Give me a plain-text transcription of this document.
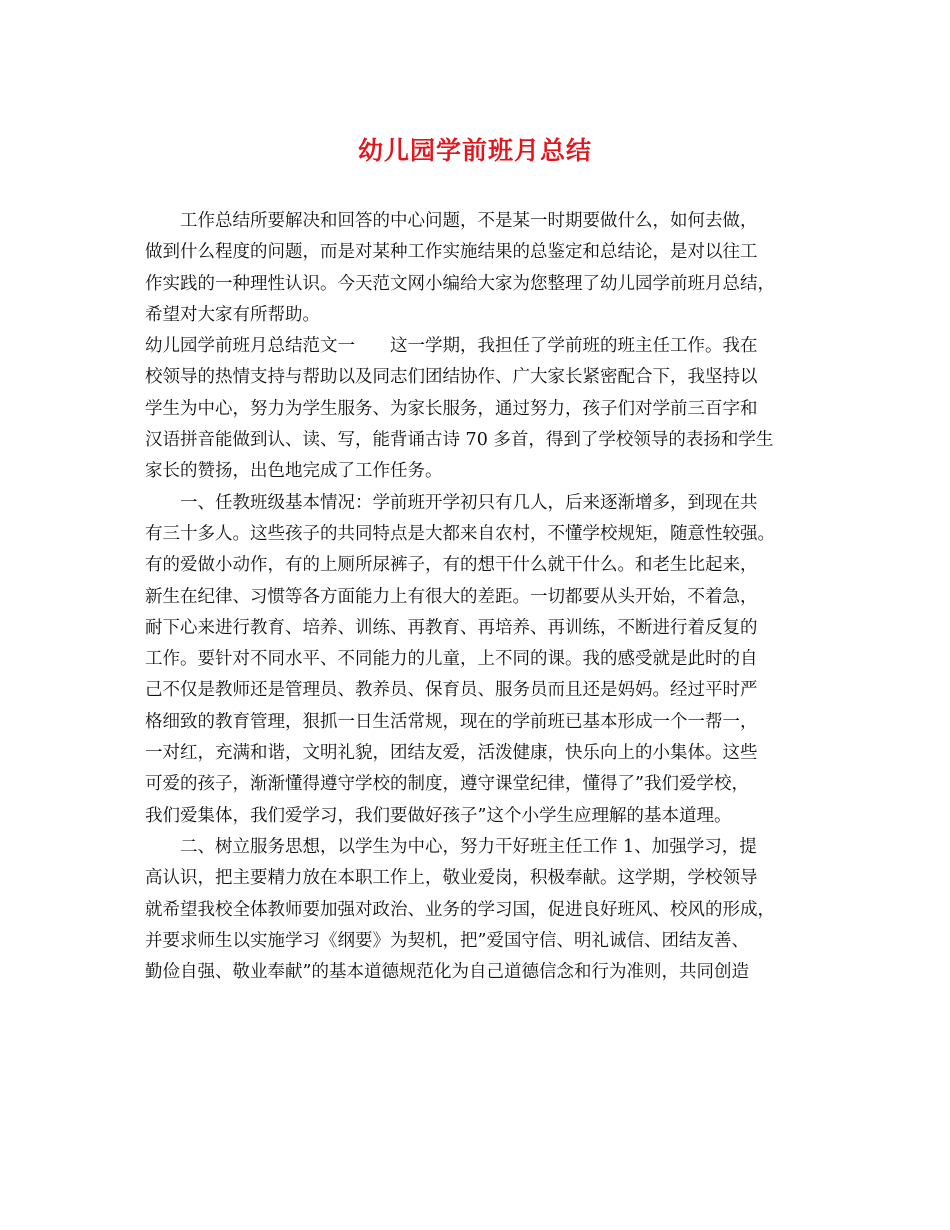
幼儿园学前班月总结
工作总结所要解决和回答的中心问题，不是某一时期要做什么，如何去做，
做到什么程度的问题，而是对某种工作实施结果的总鉴定和总结论，是对以往工
作实践的一种理性认识。今天范文网小编给大家为您整理了幼儿园学前班月总结，
希望对大家有所帮助。
幼儿园学前班月总结范文一　　这一学期，我担任了学前班的班主任工作。我在
校领导的热情支持与帮助以及同志们团结协作、广大家长紧密配合下，我坚持以
学生为中心，努力为学生服务、为家长服务，通过努力，孩子们对学前三百字和
汉语拼音能做到认、读、写，能背诵古诗 70 多首，得到了学校领导的表扬和学生
家长的赞扬，出色地完成了工作任务。
一、任教班级基本情况：学前班开学初只有几人，后来逐渐增多，到现在共
有三十多人。这些孩子的共同特点是大都来自农村，不懂学校规矩，随意性较强。
有的爱做小动作，有的上厕所尿裤子，有的想干什么就干什么。和老生比起来，
新生在纪律、习惯等各方面能力上有很大的差距。一切都要从头开始，不着急，
耐下心来进行教育、培养、训练、再教育、再培养、再训练，不断进行着反复的
工作。要针对不同水平、不同能力的儿童，上不同的课。我的感受就是此时的自
己不仅是教师还是管理员、教养员、保育员、服务员而且还是妈妈。经过平时严
格细致的教育管理，狠抓一日生活常规，现在的学前班已基本形成一个一帮一，
一对红，充满和谐，文明礼貌，团结友爱，活泼健康，快乐向上的小集体。这些
可爱的孩子，渐渐懂得遵守学校的制度，遵守课堂纪律，懂得了”我们爱学校，
我们爱集体，我们爱学习，我们要做好孩子”这个小学生应理解的基本道理。
二、树立服务思想，以学生为中心，努力干好班主任工作 1、加强学习，提
高认识，把主要精力放在本职工作上，敬业爱岗，积极奉献。这学期，学校领导
就希望我校全体教师要加强对政治、业务的学习国，促进良好班风、校风的形成，
并要求师生以实施学习《纲要》为契机，把”爱国守信、明礼诚信、团结友善、
勤俭自强、敬业奉献”的基本道德规范化为自己道德信念和行为准则，共同创造
